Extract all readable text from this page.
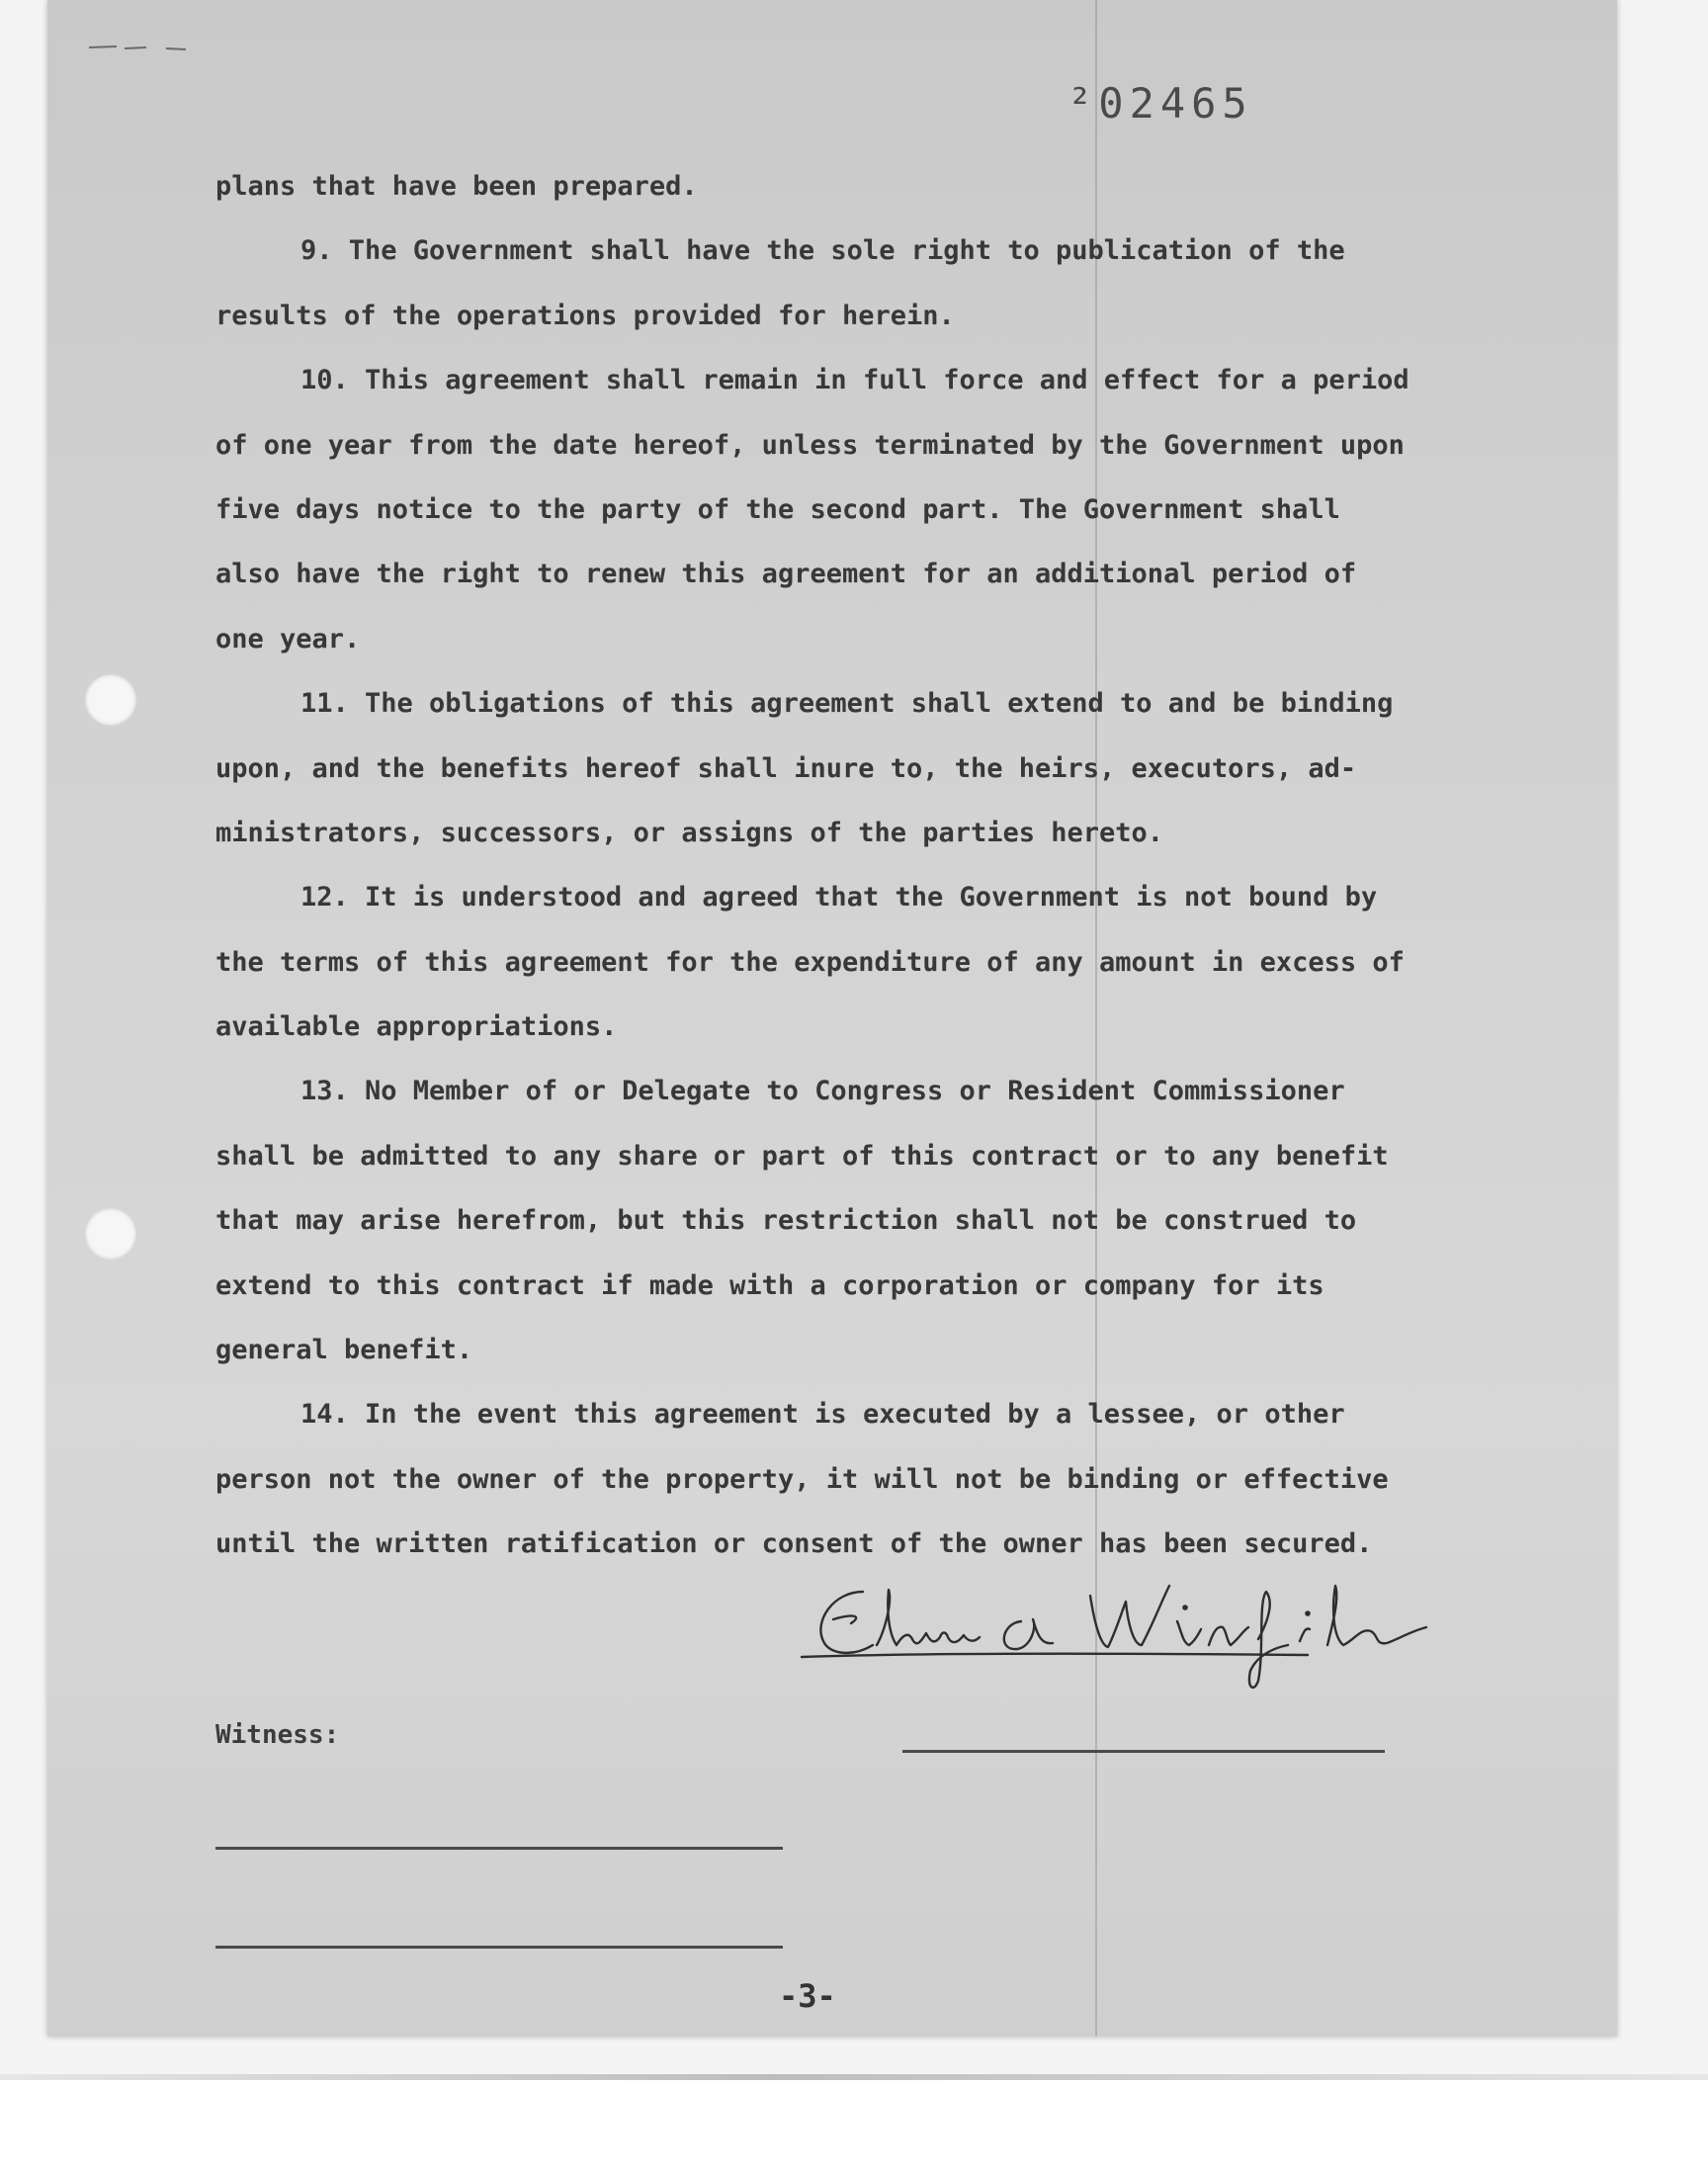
²02465
plans that have been prepared.
9. The Government shall have the sole right to publication of the
results of the operations provided for herein.
10. This agreement shall remain in full force and effect for a period
of one year from the date hereof, unless terminated by the Government upon
five days notice to the party of the second part. The Government shall
also have the right to renew this agreement for an additional period of
one year.
11. The obligations of this agreement shall extend to and be binding
upon, and the benefits hereof shall inure to, the heirs, executors, ad-
ministrators, successors, or assigns of the parties hereto.
12. It is understood and agreed that the Government is not bound by
the terms of this agreement for the expenditure of any amount in excess of
available appropriations.
13. No Member of or Delegate to Congress or Resident Commissioner
shall be admitted to any share or part of this contract or to any benefit
that may arise herefrom, but this restriction shall not be construed to
extend to this contract if made with a corporation or company for its
general benefit.
14. In the event this agreement is executed by a lessee, or other
person not the owner of the property, it will not be binding or effective
until the written ratification or consent of the owner has been secured.
Witness:
-3-
